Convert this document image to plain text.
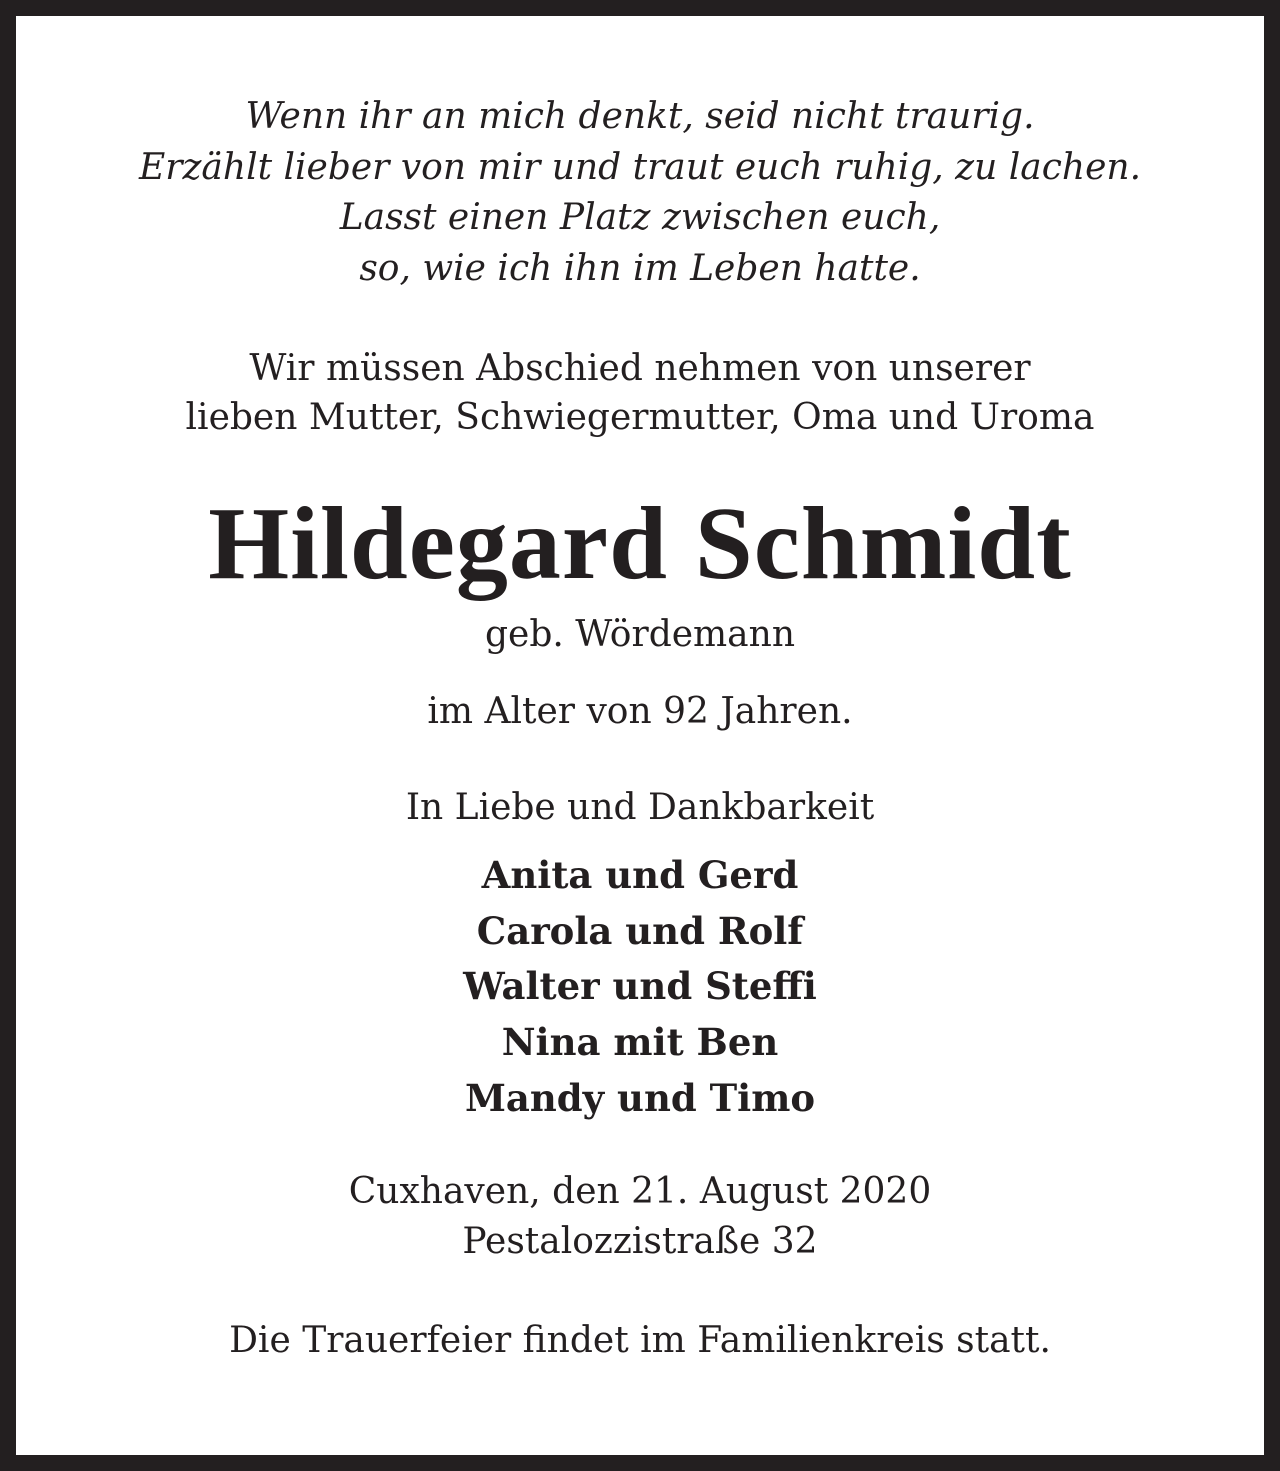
Wenn ihr an mich denkt, seid nicht traurig.
Erzählt lieber von mir und traut euch ruhig, zu lachen.
Lasst einen Platz zwischen euch,
so, wie ich ihn im Leben hatte.
Wir müssen Abschied nehmen von unserer
lieben Mutter, Schwiegermutter, Oma und Uroma
Hildegard Schmidt
geb. Wördemann
im Alter von 92 Jahren.
In Liebe und Dankbarkeit
Anita und Gerd
Carola und Rolf
Walter und Steffi
Nina mit Ben
Mandy und Timo
Cuxhaven, den 21. August 2020
Pestalozzistraße 32
Die Trauerfeier findet im Familienkreis statt.
